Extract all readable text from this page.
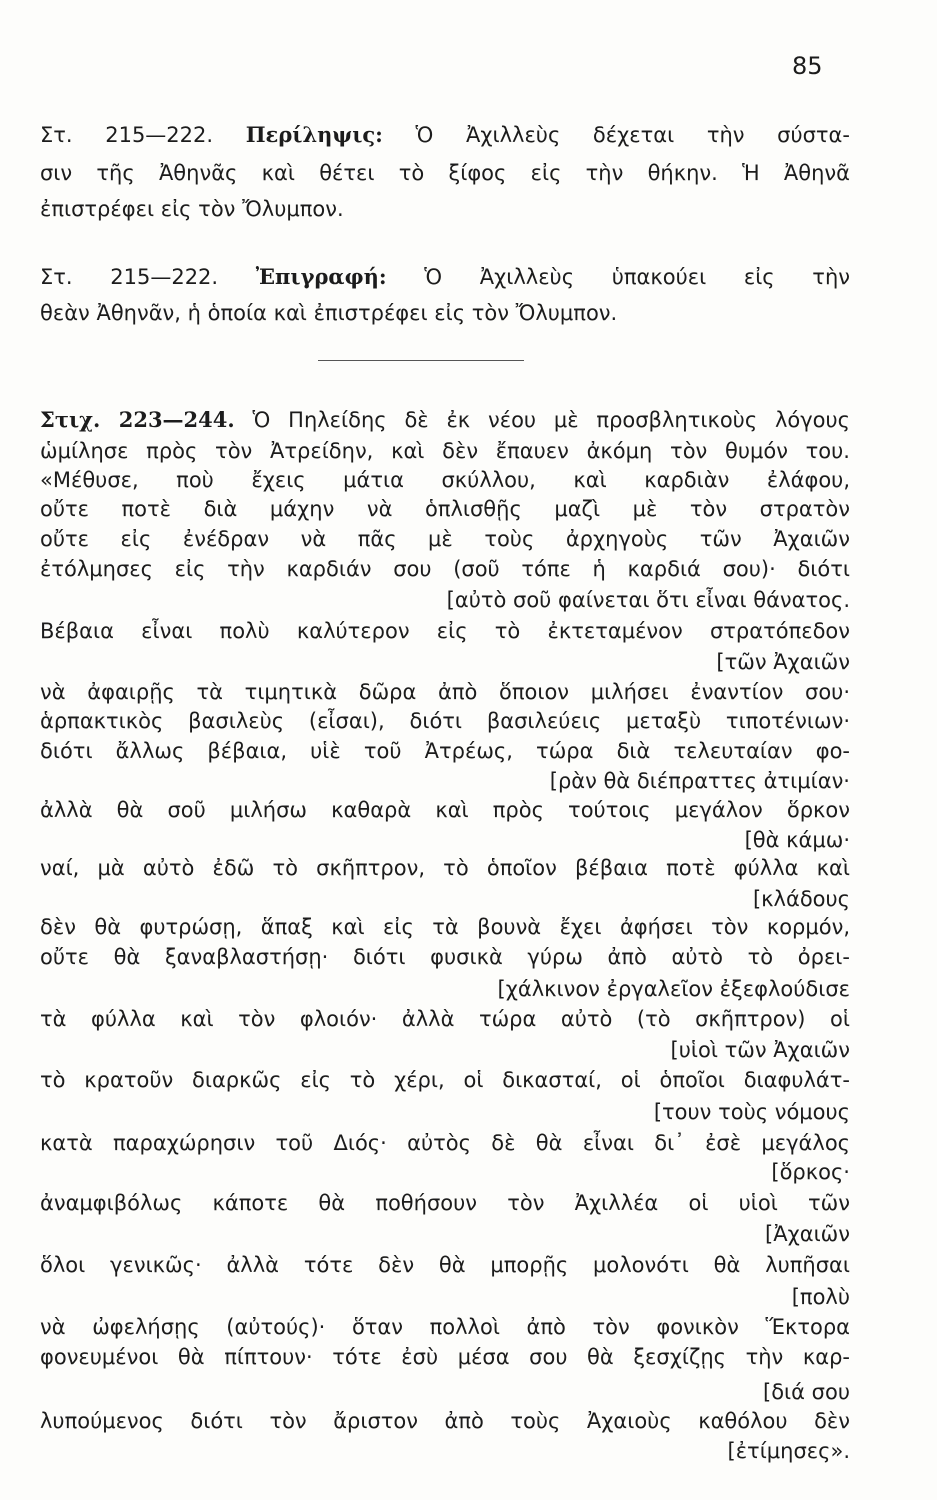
85
Στ. 215—222. Περίληψις: Ὁ Ἀχιλλεὺς δέχεται τὴν σύστα-
σιν τῆς Ἀθηνᾶς καὶ θέτει τὸ ξίφος εἰς τὴν θήκην. Ἡ Ἀθηνᾶ
ἐπιστρέφει εἰς τὸν Ὄλυμπον.
Στ. 215—222. Ἐπιγραφή: Ὁ Ἀχιλλεὺς ὑπακούει εἰς τὴν
θεὰν Ἀθηνᾶν, ἡ ὁποία καὶ ἐπιστρέφει εἰς τὸν Ὄλυμπον.
Στιχ. 223—244. Ὁ Πηλείδης δὲ ἐκ νέου μὲ προσβλητικοὺς λόγους
ὡμίλησε πρὸς τὸν Ἀτρείδην, καὶ δὲν ἔπαυεν ἀκόμη τὸν θυμόν του.
«Μέθυσε, ποὺ ἔχεις μάτια σκύλλου, καὶ καρδιὰν ἐλάφου,
οὔτε ποτὲ διὰ μάχην νὰ ὁπλισθῇς μαζὶ μὲ τὸν στρατὸν
οὔτε εἰς ἐνέδραν νὰ πᾶς μὲ τοὺς ἀρχηγοὺς τῶν Ἀχαιῶν
ἐτόλμησες εἰς τὴν καρδιάν σου (σοῦ τόπε ἡ καρδιά σου)· διότι
[αὐτὸ σοῦ φαίνεται ὅτι εἶναι θάνατος.
Βέβαια εἶναι πολὺ καλύτερον εἰς τὸ ἐκτεταμένον στρατόπεδον
[τῶν Ἀχαιῶν
νὰ ἀφαιρῇς τὰ τιμητικὰ δῶρα ἀπὸ ὅποιον μιλήσει ἐναντίον σου·
ἁρπακτικὸς βασιλεὺς (εἶσαι), διότι βασιλεύεις μεταξὺ τιποτένιων·
διότι ἄλλως βέβαια, υἱὲ τοῦ Ἀτρέως, τώρα διὰ τελευταίαν φο-
[ρὰν θὰ διέπραττες ἀτιμίαν·
ἀλλὰ θὰ σοῦ μιλήσω καθαρὰ καὶ πρὸς τούτοις μεγάλον ὅρκον
[θὰ κάμω·
ναί, μὰ αὐτὸ ἐδῶ τὸ σκῆπτρον, τὸ ὁποῖον βέβαια ποτὲ φύλλα καὶ
[κλάδους
δὲν θὰ φυτρώσῃ, ἅπαξ καὶ εἰς τὰ βουνὰ ἔχει ἀφήσει τὸν κορμόν,
οὔτε θὰ ξαναβλαστήσῃ· διότι φυσικὰ γύρω ἀπὸ αὐτὸ τὸ ὀρει-
[χάλκινον ἐργαλεῖον ἐξεφλούδισε
τὰ φύλλα καὶ τὸν φλοιόν· ἀλλὰ τώρα αὐτὸ (τὸ σκῆπτρον) οἱ
[υἱοὶ τῶν Ἀχαιῶν
τὸ κρατοῦν διαρκῶς εἰς τὸ χέρι, οἱ δικασταί, οἱ ὁποῖοι διαφυλάτ-
[τουν τοὺς νόμους
κατὰ παραχώρησιν τοῦ Διός· αὐτὸς δὲ θὰ εἶναι δι᾿ ἐσὲ μεγάλος
[ὅρκος·
ἀναμφιβόλως κάποτε θὰ ποθήσουν τὸν Ἀχιλλέα οἱ υἱοὶ τῶν
[Ἀχαιῶν
ὅλοι γενικῶς· ἀλλὰ τότε δὲν θὰ μπορῇς μολονότι θὰ λυπῆσαι
[πολὺ
νὰ ὠφελήσῃς (αὐτούς)· ὅταν πολλοὶ ἀπὸ τὸν φονικὸν Ἕκτορα
φονευμένοι θὰ πίπτουν· τότε ἐσὺ μέσα σου θὰ ξεσχίζῃς τὴν καρ-
[διά σου
λυπούμενος διότι τὸν ἄριστον ἀπὸ τοὺς Ἀχαιοὺς καθόλου δὲν
[ἐτίμησες».
